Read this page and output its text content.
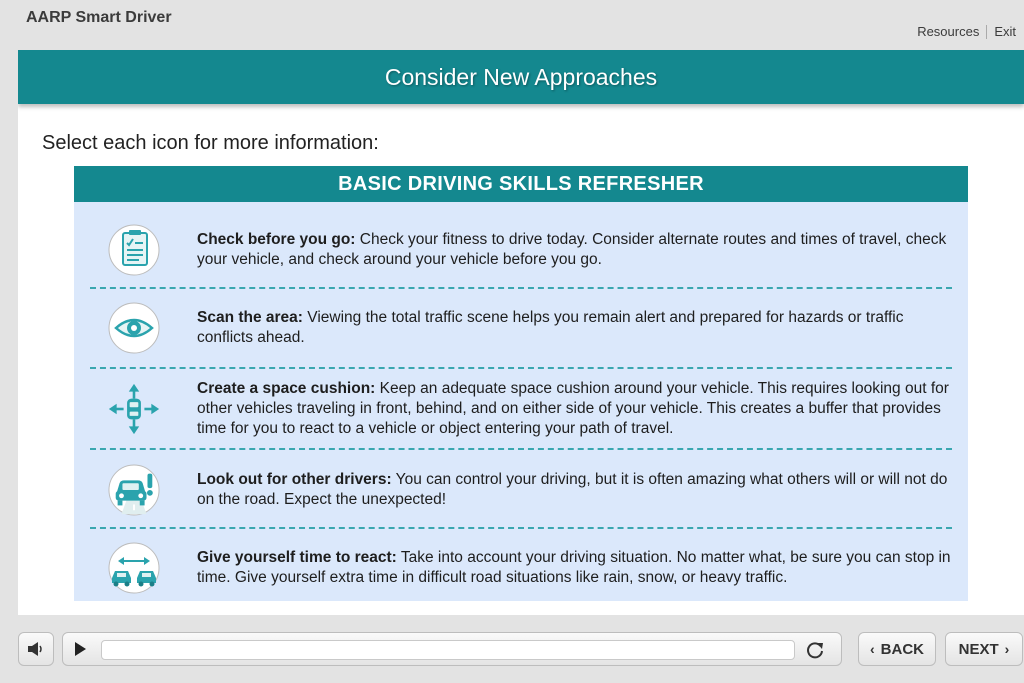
AARP Smart Driver
Resources Exit
Consider New Approaches
Select each icon for more information:
BASIC DRIVING SKILLS REFRESHER
Check before you go: Check your fitness to drive today. Consider alternate routes and times of travel, check your vehicle, and check around your vehicle before you go.
Scan the area: Viewing the total traffic scene helps you remain alert and prepared for hazards or traffic conflicts ahead.
Create a space cushion: Keep an adequate space cushion around your vehicle. This requires looking out for other vehicles traveling in front, behind, and on either side of your vehicle. This creates a buffer that provides time for you to react to a vehicle or object entering your path of travel.
Look out for other drivers: You can control your driving, but it is often amazing what others will or will not do on the road. Expect the unexpected!
Give yourself time to react: Take into account your driving situation. No matter what, be sure you can stop in time. Give yourself extra time in difficult road situations like rain, snow, or heavy traffic.
‹ BACK NEXT ›
